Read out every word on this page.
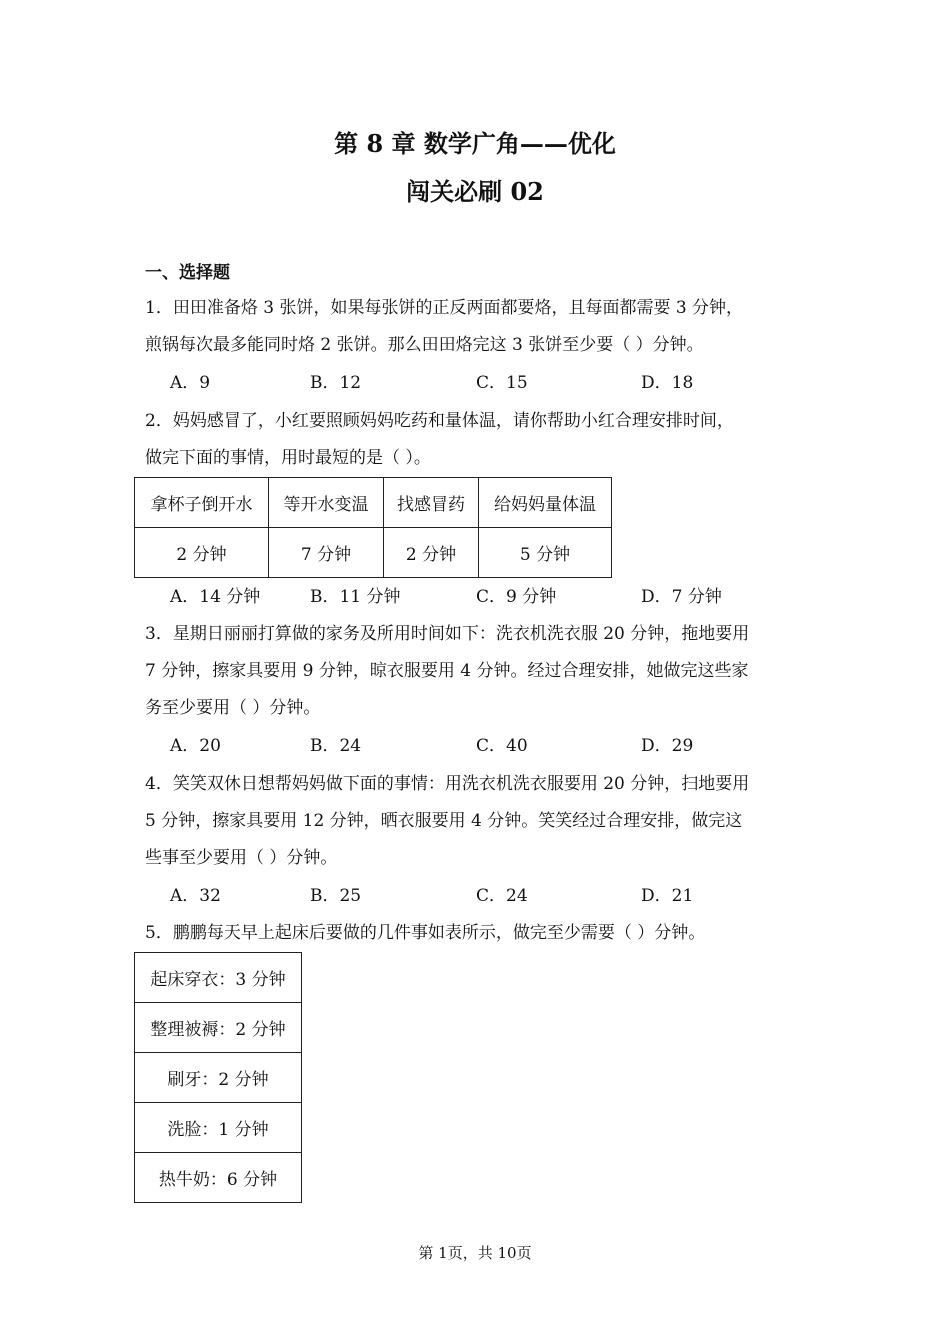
第 8 章 数学广角——优化
闯关必刷 02
一、选择题
1．田田准备烙 3 张饼，如果每张饼的正反两面都要烙，且每面都需要 3 分钟，
煎锅每次最多能同时烙 2 张饼。那么田田烙完这 3 张饼至少要（ ）分钟。
A．9	B．12	C．15	D．18
2．妈妈感冒了，小红要照顾妈妈吃药和量体温，请你帮助小红合理安排时间，
做完下面的事情，用时最短的是（ ）。
拿杯子倒开水	等开水变温	找感冒药	给妈妈量体温
2 分钟	7 分钟	2 分钟	5 分钟
A．14 分钟	B．11 分钟	C．9 分钟	D．7 分钟
3．星期日丽丽打算做的家务及所用时间如下：洗衣机洗衣服 20 分钟，拖地要用
7 分钟，擦家具要用 9 分钟，晾衣服要用 4 分钟。经过合理安排，她做完这些家
务至少要用（ ）分钟。
A．20	B．24	C．40	D．29
4．笑笑双休日想帮妈妈做下面的事情：用洗衣机洗衣服要用 20 分钟，扫地要用
5 分钟，擦家具要用 12 分钟，晒衣服要用 4 分钟。笑笑经过合理安排，做完这
些事至少要用（ ）分钟。
A．32	B．25	C．24	D．21
5．鹏鹏每天早上起床后要做的几件事如表所示，做完至少需要（ ）分钟。
起床穿衣：3 分钟
整理被褥：2 分钟
刷牙：2 分钟
洗脸：1 分钟
热牛奶：6 分钟
第 1页，共 10页
